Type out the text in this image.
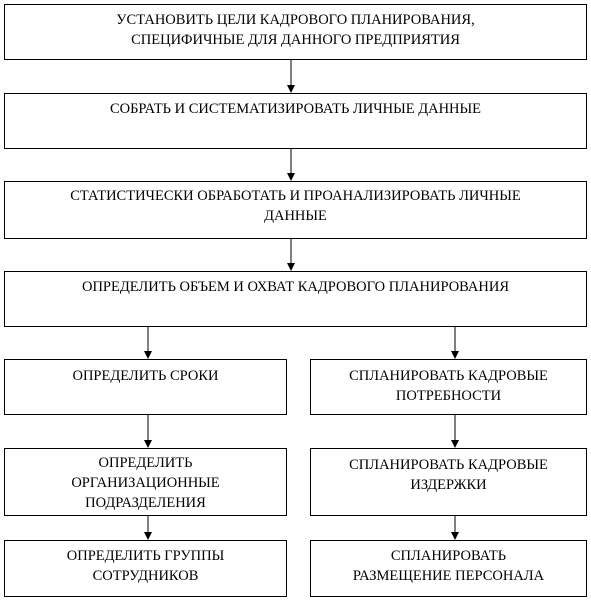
УСТАНОВИТЬ ЦЕЛИ КАДРОВОГО ПЛАНИРОВАНИЯ,
СПЕЦИФИЧНЫЕ ДЛЯ ДАННОГО ПРЕДПРИЯТИЯ
СОБРАТЬ И СИСТЕМАТИЗИРОВАТЬ ЛИЧНЫЕ ДАННЫЕ
СТАТИСТИЧЕСКИ ОБРАБОТАТЬ И ПРОАНАЛИЗИРОВАТЬ ЛИЧНЫЕ
ДАННЫЕ
ОПРЕДЕЛИТЬ ОБЪЕМ И ОХВАТ КАДРОВОГО ПЛАНИРОВАНИЯ
ОПРЕДЕЛИТЬ СРОКИ	СПЛАНИРОВАТЬ КАДРОВЫЕ
ПОТРЕБНОСТИ
ОПРЕДЕЛИТЬ
ОРГАНИЗАЦИОННЫЕ
ПОДРАЗДЕЛЕНИЯ
СПЛАНИРОВАТЬ КАДРОВЫЕ
ИЗДЕРЖКИ
ОПРЕДЕЛИТЬ ГРУППЫ
СОТРУДНИКОВ
СПЛАНИРОВАТЬ
РАЗМЕЩЕНИЕ ПЕРСОНАЛА
